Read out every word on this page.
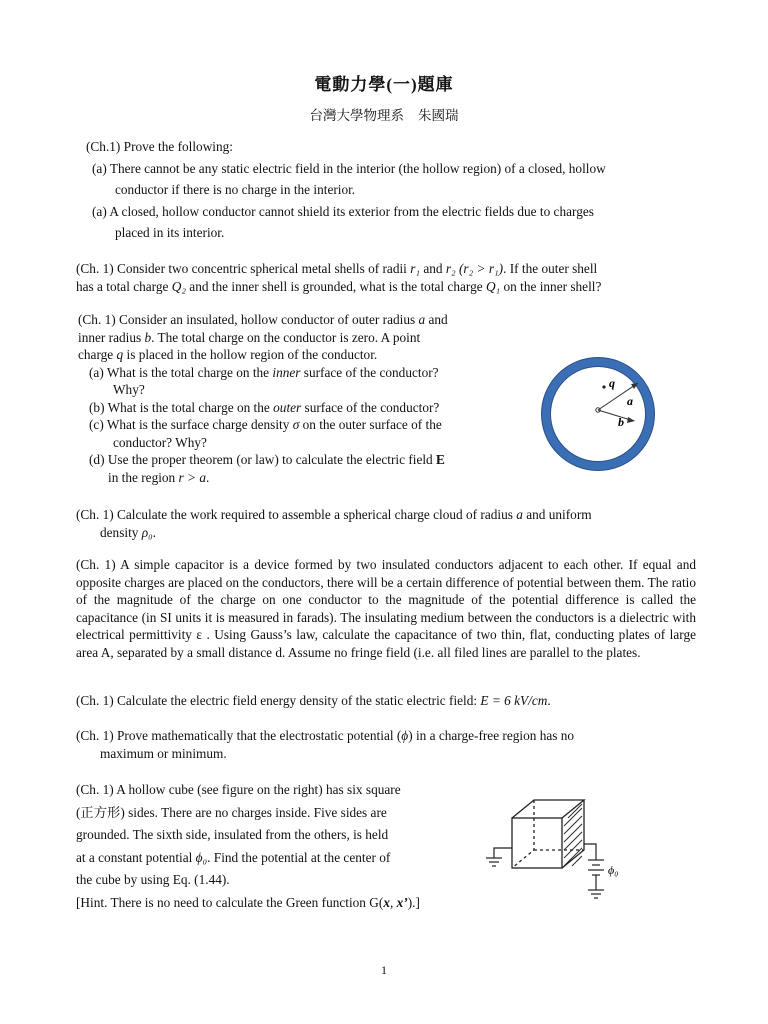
電動力學(一)題庫
台灣大學物理系 朱國瑞
(Ch.1) Prove the following:
(a) There cannot be any static electric field in the interior (the hollow region) of a closed, hollow
conductor if there is no charge in the interior.
(a) A closed, hollow conductor cannot shield its exterior from the electric fields due to charges
placed in its interior.
(Ch. 1) Consider two concentric spherical metal shells of radii r₁ and r₂ (r₂ > r₁). If the outer shell
has a total charge Q₂ and the inner shell is grounded, what is the total charge Q₁ on the inner shell?
(Ch. 1) Consider an insulated, hollow conductor of outer radius a and
inner radius b. The total charge on the conductor is zero. A point
charge q is placed in the hollow region of the conductor.
(a) What is the total charge on the inner surface of the conductor?
Why?
(b) What is the total charge on the outer surface of the conductor?
(c) What is the surface charge density σ on the outer surface of the
conductor? Why?
(d) Use the proper theorem (or law) to calculate the electric field E
in the region r > a.
q
a
b
(Ch. 1) Calculate the work required to assemble a spherical charge cloud of radius a and uniform
density ρ₀.
(Ch. 1) A simple capacitor is a device formed by two insulated conductors adjacent to each other. If equal and opposite charges are placed on the conductors, there will be a certain difference of potential between them. The ratio of the magnitude of the charge on one conductor to the magnitude of the potential difference is called the capacitance (in SI units it is measured in farads). The insulating medium between the conductors is a dielectric with electrical permittivity ε . Using Gauss’s law, calculate the capacitance of two thin, flat, conducting plates of large area A, separated by a small distance d. Assume no fringe field (i.e. all filed lines are parallel to the plates.
(Ch. 1) Calculate the electric field energy density of the static electric field: E = 6 kV/cm.
(Ch. 1) Prove mathematically that the electrostatic potential (ϕ) in a charge-free region has no
maximum or minimum.
(Ch. 1) A hollow cube (see figure on the right) has six square
(正方形) sides. There are no charges inside. Five sides are
grounded. The sixth side, insulated from the others, is held
at a constant potential ϕ₀. Find the potential at the center of
the cube by using Eq. (1.44).
[Hint. There is no need to calculate the Green function G(x, x’).]
ϕ₀
1
